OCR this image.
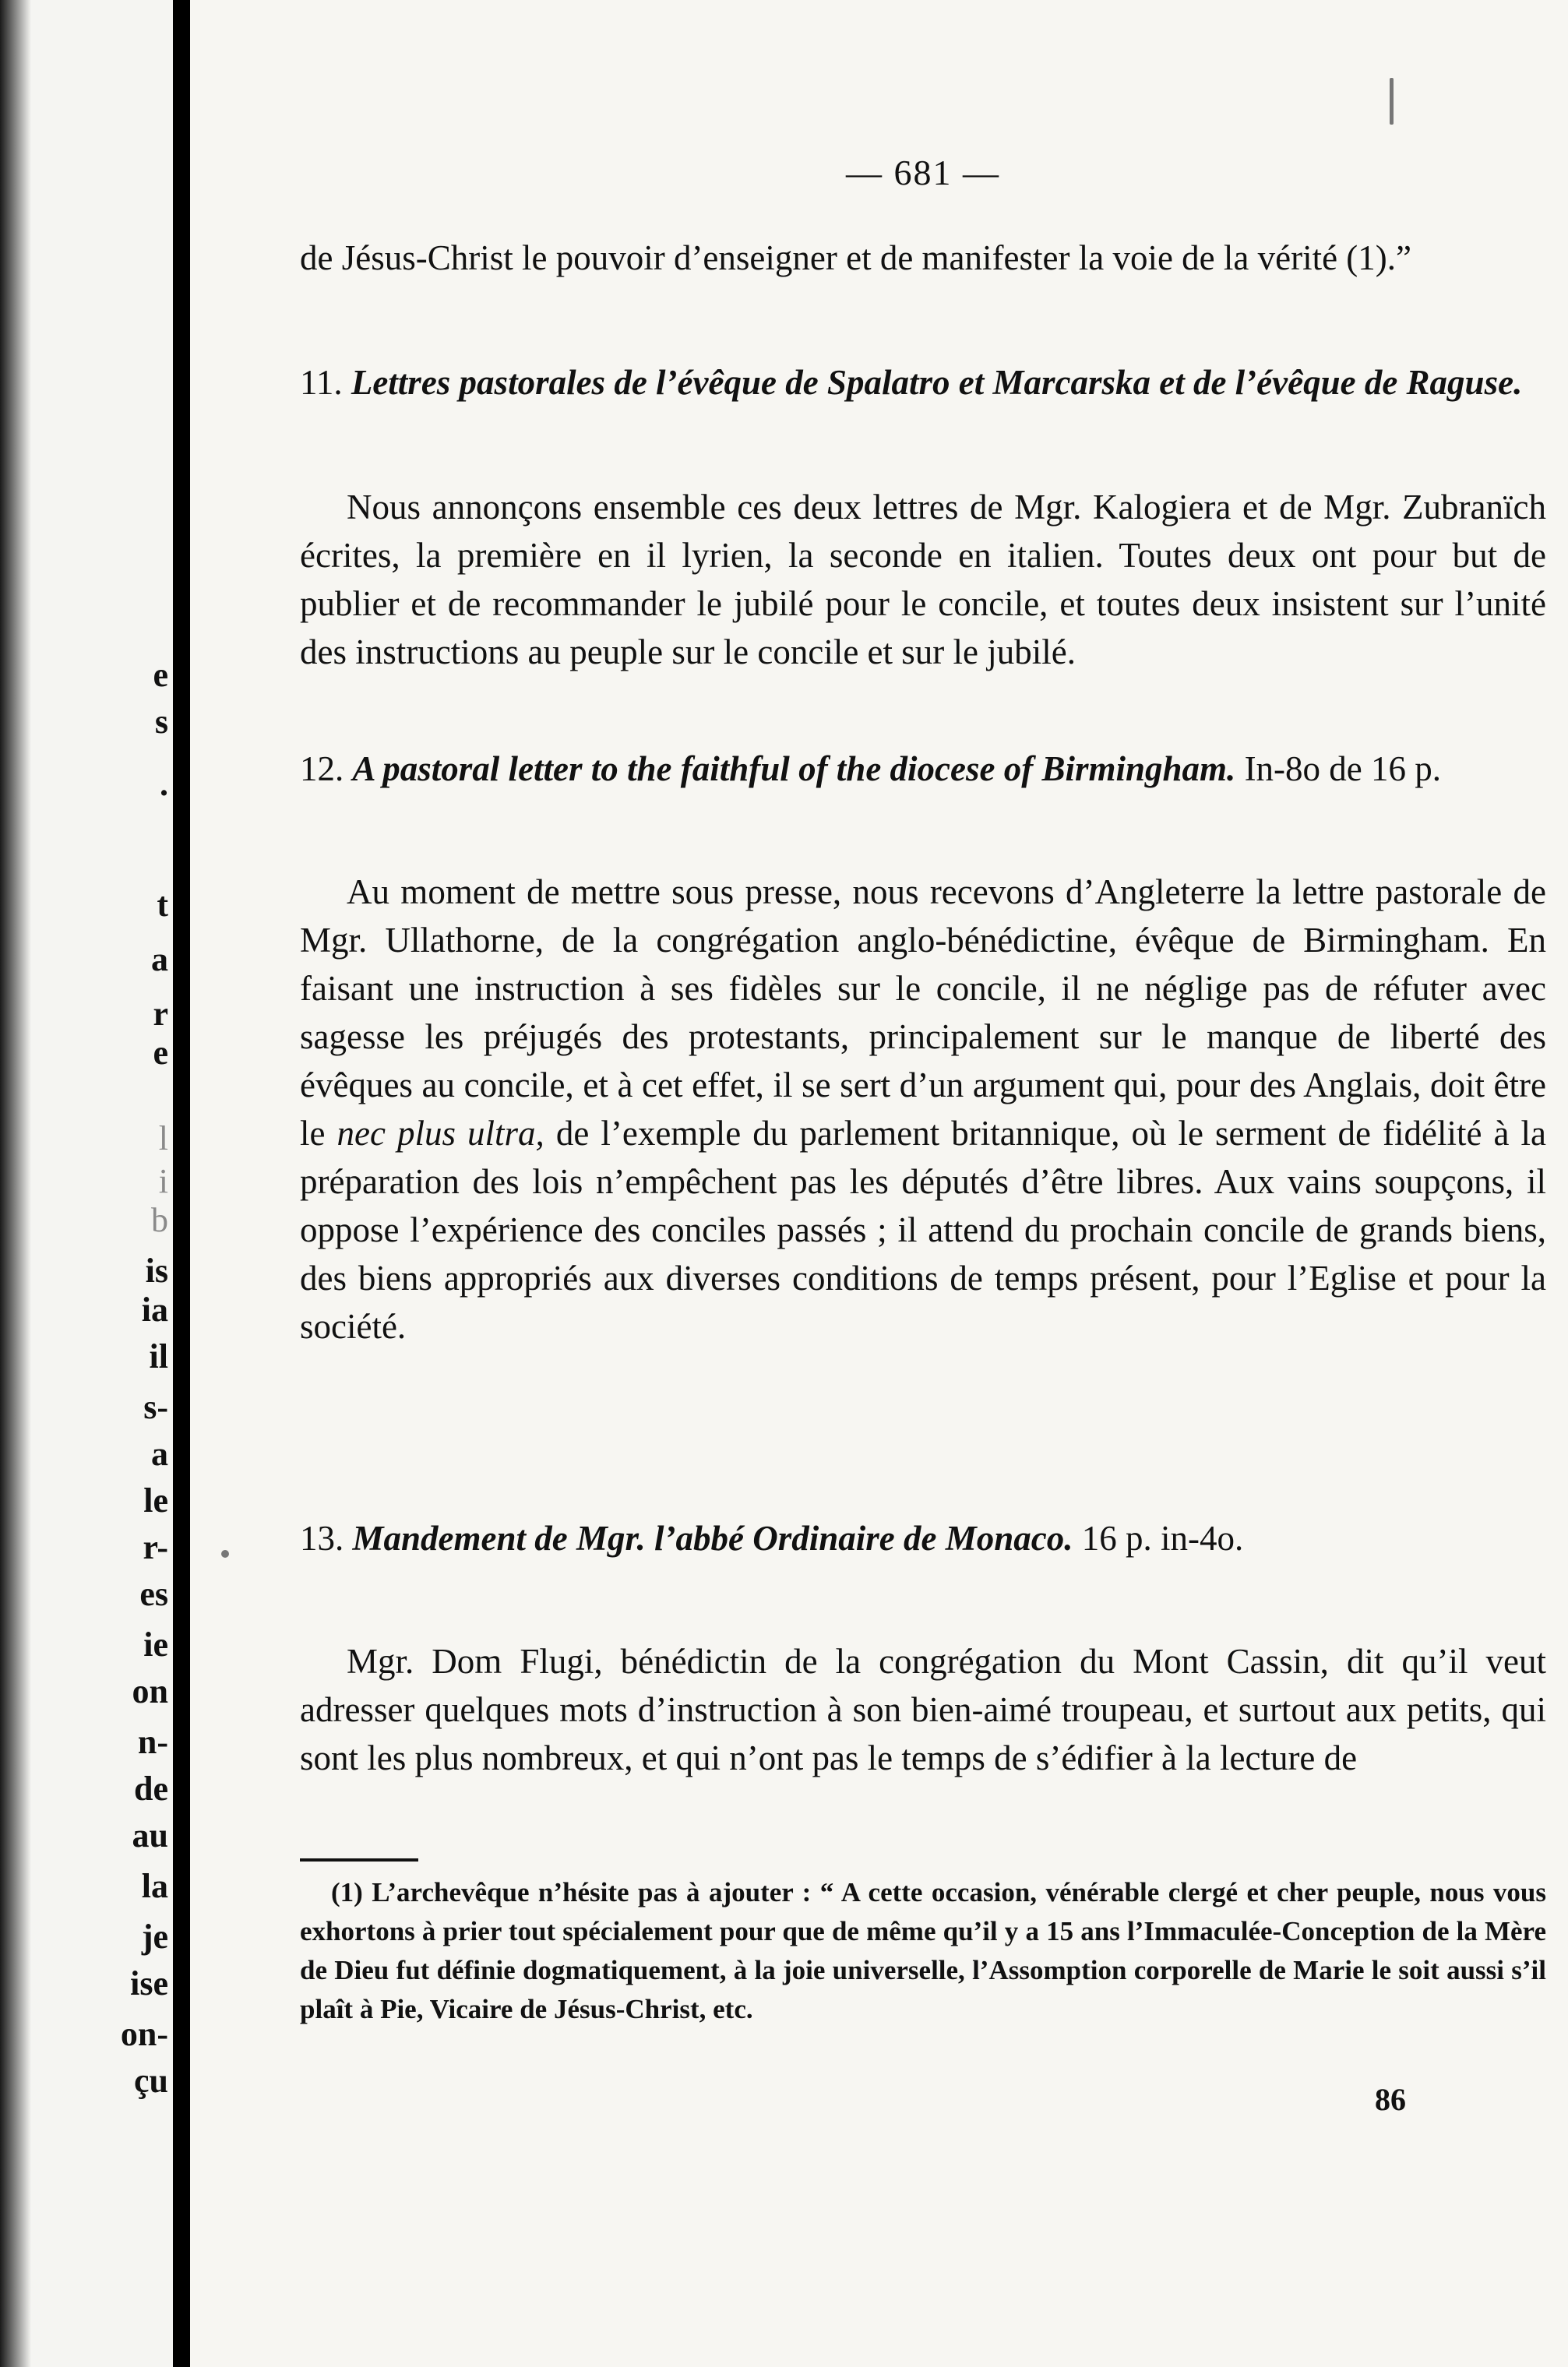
e
s
.
t
a
r
e
l
i
b
is
ia
il
s-
a
le
r-
es
ie
on
n-
de
au
la
je
ise
on-
çu
— 681 —

de Jésus-Christ le pouvoir d’enseigner et de manifester la voie de la vérité (1).”

11. Lettres pastorales de l’évêque de Spalatro et Marcarska et de l’évêque de Raguse.

Nous annonçons ensemble ces deux lettres de Mgr. Kalogiera et de Mgr. Zubranïch écrites, la première en il lyrien, la seconde en italien. Toutes deux ont pour but de publier et de recommander le jubilé pour le concile, et toutes deux insistent sur l’unité des instructions au peuple sur le concile et sur le jubilé.

12. A pastoral letter to the faithful of the diocese of Birmingham. In-8o de 16 p.

Au moment de mettre sous presse, nous recevons d’Angleterre la lettre pastorale de Mgr. Ullathorne, de la congrégation anglo-bénédictine, évêque de Birmingham. En faisant une instruction à ses fidèles sur le concile, il ne néglige pas de réfuter avec sagesse les préjugés des protestants, principalement sur le manque de liberté des évêques au concile, et à cet effet, il se sert d’un argument qui, pour des Anglais, doit être le nec plus ultra, de l’exemple du parlement britannique, où le serment de fidélité à la préparation des lois n’empêchent pas les députés d’être libres. Aux vains soupçons, il oppose l’expérience des conciles passés ; il attend du prochain concile de grands biens, des biens appropriés aux diverses conditions de temps présent, pour l’Eglise et pour la société.

13. Mandement de Mgr. l’abbé Ordinaire de Monaco. 16 p. in-4o.

Mgr. Dom Flugi, bénédictin de la congrégation du Mont Cassin, dit qu’il veut adresser quelques mots d’instruction à son bien-aimé troupeau, et surtout aux petits, qui sont les plus nombreux, et qui n’ont pas le temps de s’édifier à la lecture de

(1) L’archevêque n’hésite pas à ajouter : “ A cette occasion, vénérable clergé et cher peuple, nous vous exhortons à prier tout spécialement pour que de même qu’il y a 15 ans l’Immaculée-Conception de la Mère de Dieu fut définie dogmatiquement, à la joie universelle, l’Assomption corporelle de Marie le soit aussi s’il plaît à Pie, Vicaire de Jésus-Christ, etc.

86
